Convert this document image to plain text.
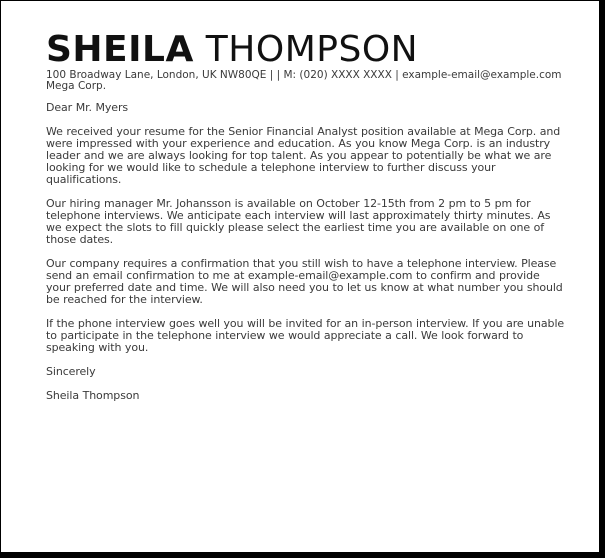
SHEILA THOMPSON
100 Broadway Lane, London, UK NW80QE | | M: (020) XXXX XXXX | example-email@example.com
Mega Corp.

Dear Mr. Myers

We received your resume for the Senior Financial Analyst position available at Mega Corp. and were impressed with your experience and education. As you know Mega Corp. is an industry leader and we are always looking for top talent. As you appear to potentially be what we are looking for we would like to schedule a telephone interview to further discuss your qualifications.

Our hiring manager Mr. Johansson is available on October 12-15th from 2 pm to 5 pm for telephone interviews. We anticipate each interview will last approximately thirty minutes. As we expect the slots to fill quickly please select the earliest time you are available on one of those dates.

Our company requires a confirmation that you still wish to have a telephone interview. Please send an email confirmation to me at example-email@example.com to confirm and provide your preferred date and time. We will also need you to let us know at what number you should be reached for the interview.

If the phone interview goes well you will be invited for an in-person interview. If you are unable to participate in the telephone interview we would appreciate a call. We look forward to speaking with you.

Sincerely

Sheila Thompson
